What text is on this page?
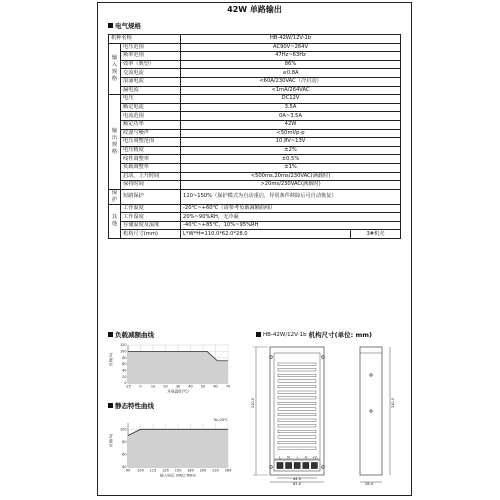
42W 单路输出
电气规格
机种名称		HB-42W/12V-1b	
输入规格	电压范围	AC90V~264V	
	频率范围	47Hz~63Hz	
	效率（典型）	86%	
	交流电流	≤0.8A	
	浪涌电流	<60A/230VAC（冷启动）	
	漏电流	<1mA/264VAC	
输出规格	电压	DC12V	
	额定电流	3.5A	
	电流范围	0A~3.5A	
	额定功率	42W	
	纹波与噪声	<50mVp-p	
	电压调整范围	10.8V~13V	
	电压精度	±2%	
	线性调整率	±0.5%	
	负载调整率	±1%	
	启动、上升时间	<500ms,20ms/230VAC(满载时)	
	保持时间	>20ms/230VAC(满载时)	
保护	短路保护	110~150%（保护模式为自动重启，异常条件移除后可自动恢复）	
其他	工作温度	-20℃~+60℃（请参考负载减额曲线）	
	工作湿度	20%~90%RH，无冷凝	
	存储温度及湿度	-40℃~+85℃，10%~95%RH	
	机构尺寸(mm)	L*W*H=110.0*62.0*28.0	3#机壳
负载减额曲线
0
20
40
60
80
100
120
-25	0	10 20 30 40 50 60 70
环境温度(℃)
负载(%)
静态特性曲线
40
60
80
100
90 100 115 135 150 180 200 230 264
输入电压 (VAC) 60Hz
负载(%)
Ta=25℃
HB-42W/12V-1b 机构尺寸(单位: mm)
L N ⏚ -V +V
110.0	110.0
44.0
62.0	28.0
